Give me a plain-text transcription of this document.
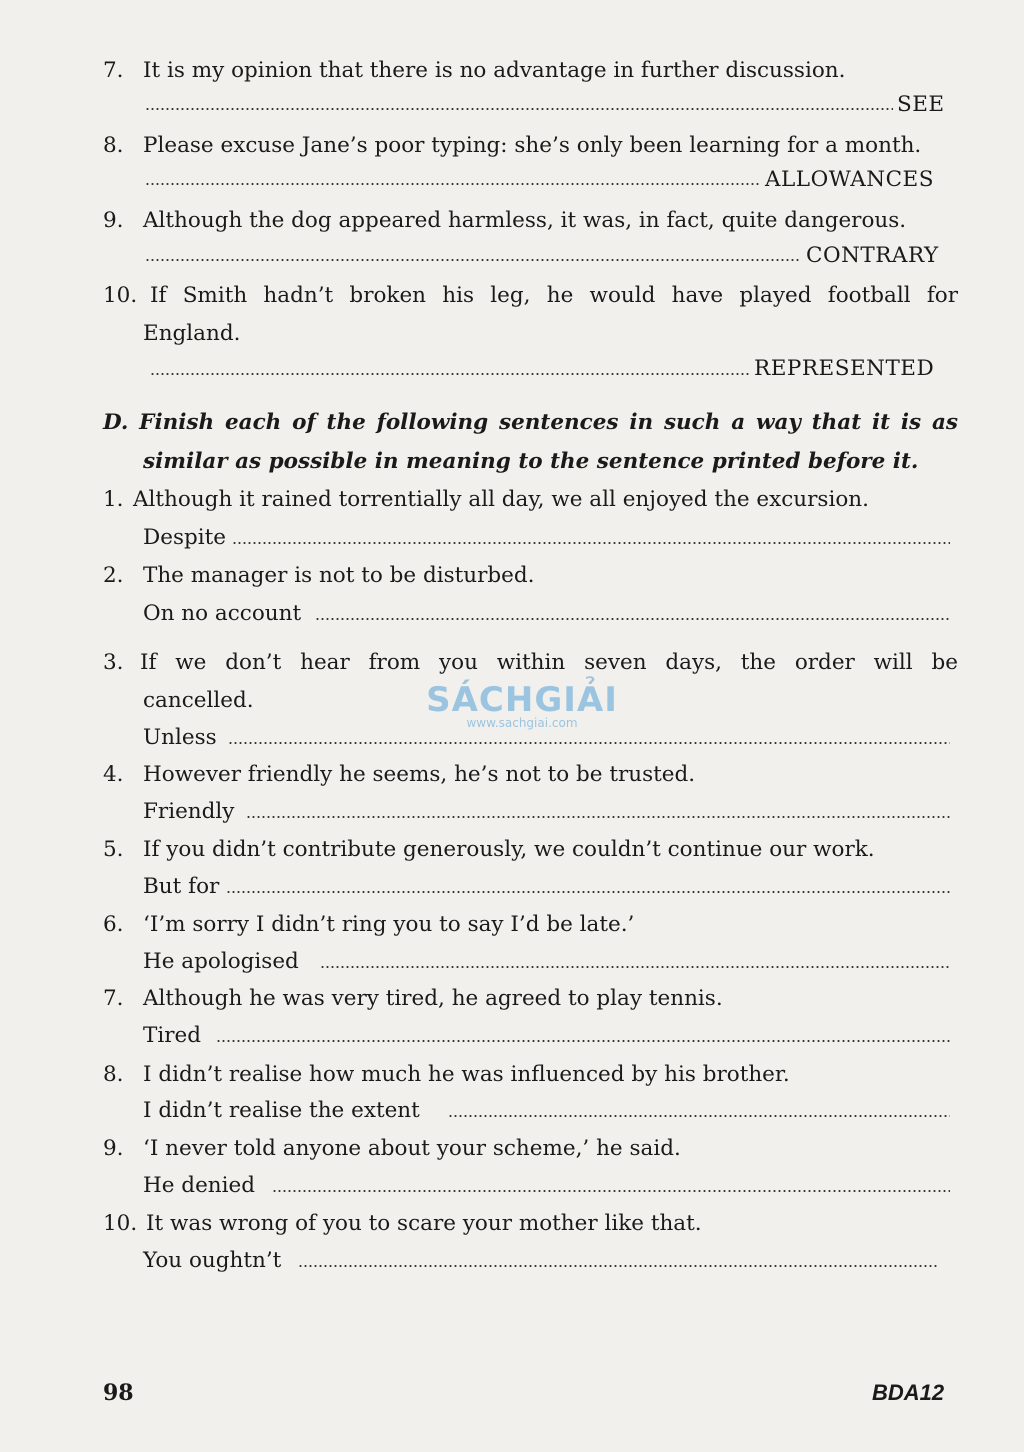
7. It is my opinion that there is no advantage in further discussion.
SEE
8. Please excuse Jane’s poor typing: she’s only been learning for a month.
ALLOWANCES
9. Although the dog appeared harmless, it was, in fact, quite dangerous.
CONTRARY
10. If Smith hadn’t broken his leg, he would have played football for
England.
REPRESENTED
D. Finish each of the following sentences in such a way that it is as
similar as possible in meaning to the sentence printed before it.
1. Although it rained torrentially all day, we all enjoyed the excursion.
Despite
2. The manager is not to be disturbed.
On no account
3. If we don’t hear from you within seven days, the order will be
cancelled.
Unless
4. However friendly he seems, he’s not to be trusted.
Friendly
5. If you didn’t contribute generously, we couldn’t continue our work.
But for
6. ‘I’m sorry I didn’t ring you to say I’d be late.’
He apologised
7. Although he was very tired, he agreed to play tennis.
Tired
8. I didn’t realise how much he was influenced by his brother.
I didn’t realise the extent
9. ‘I never told anyone about your scheme,’ he said.
He denied
10. It was wrong of you to scare your mother like that.
You oughtn’t
SÁCHGIẢI
www.sachgiai.com
98	BDA12
